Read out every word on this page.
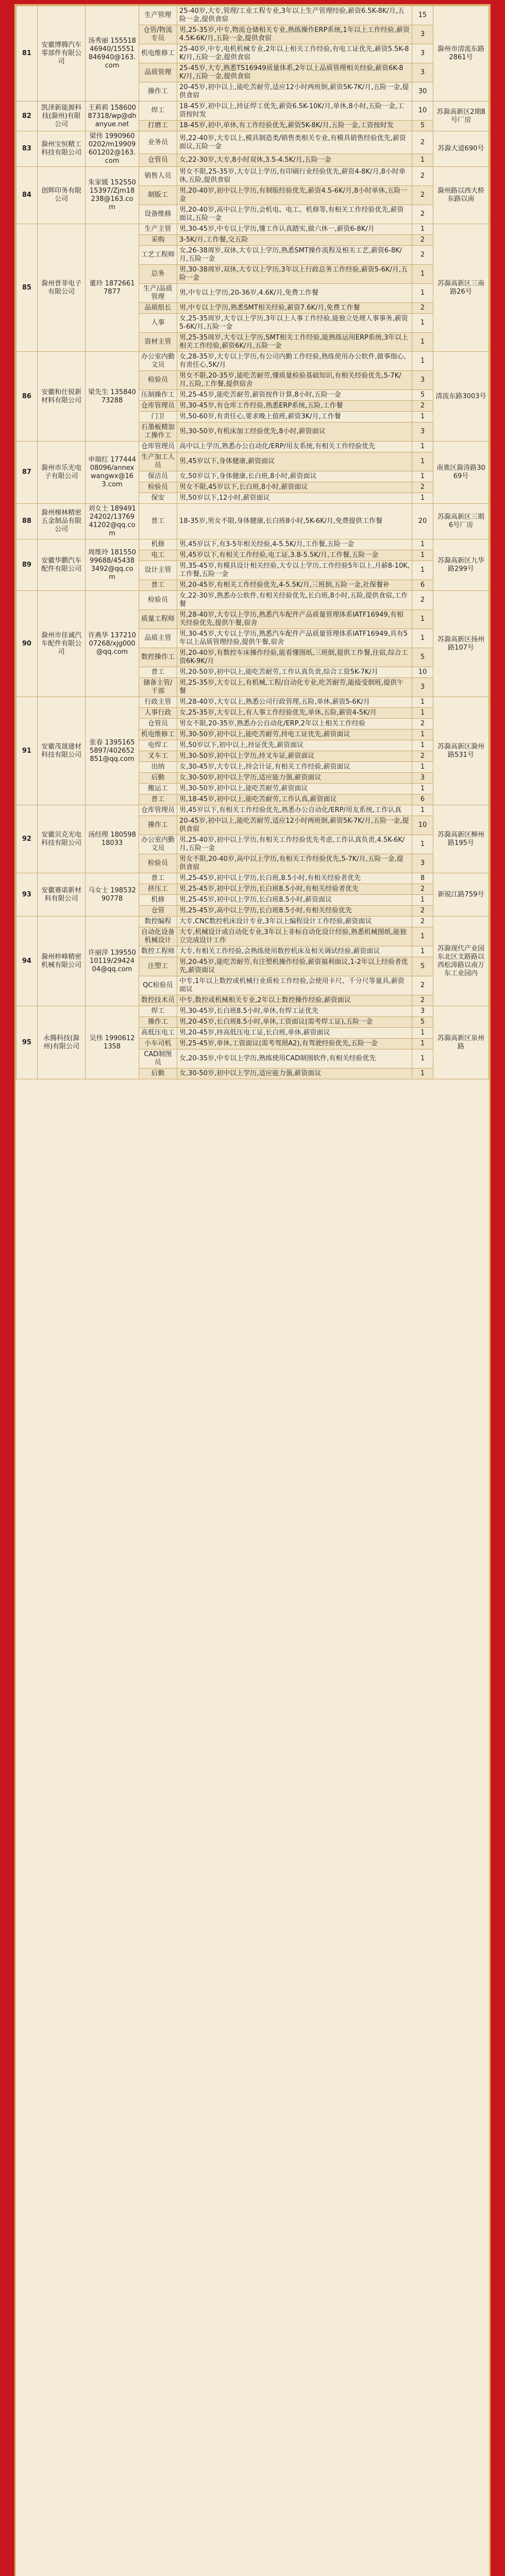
81	安徽博腾汽车零部件有限公司	汤秀丽 15551846940/15551846940@163.com	生产管理	25-40岁,大专,管理/工业工程专业,3年以上生产管理经验,薪资6.5K-8K/月,五险一金,提供食宿	15	滁州市清流东路2861号
			仓管/物流专员	男,25-35岁,中专,物流仓储相关专业,熟练操作ERP系统,1年以上工作经验,薪资4.5K-6K/月,五险一金,提供食宿	3	
			机电维修工	25-40岁,中专,电机机械专业,2年以上相关工作经验,有电工证优先,薪资5.5K-8K/月,五险一金,提供食宿	3	
			品质管理	25-45岁,大专,熟悉TS16949质量体系,2年以上品质管理相关经验,薪资6K-8K/月,五险一金,提供食宿	3	
			操作工	20-45岁,初中以上,能吃苦耐劳,适应12小时两班倒,薪资5K-7K/月,五险一金,提供食宿	30	
82	凯泽新能源科技(滁州)有限公司	王莉莉 15860087318/wp@dhanyue.net	焊工	18-45岁,初中以上,持证焊工优先,薪资6.5K-10K/月,单休,8小时,五险一金,工资按时发	10	苏滁高新区2期8号厂房
			打磨工	18-45岁,初中,单休,有工作经验优先,薪资5K-8K/月,五险一金,工资按时发	5	
83	滁州宝恒精工科技有限公司	梁伟 19909600202/m19909601202@163.com	业务员	男,22-40岁,大专以上,模具制造类/销售类相关专业,有模具销售经验优先,薪资面议,五险一金	2	苏滁大道690号
			仓管员	女,22-30岁,大专,8小时双休,3.5-4.5K/月,五险一金	1	
84	创辉印务有限公司	朱家媛 15255015397/Zjm18238@163.com	销售人员	男女不限,25-35岁,大专以上学历,有印刷行业经验优先,薪资4-8K/月,8小时单休,五险,提供食宿	2	滁州路以西大桥东路以南
			制版工	男,20-40岁,初中以上学历,有制版经验优先,薪资4.5-6K/月,8小时单休,五险一金	2	
			设备维修	男,20-40岁,高中以上学历,会机电、电工、机修等,有相关工作经验优先,薪资面议,五险一金	2	
85	滁州普菲电子有限公司	董玲 18726617877	生产主管	男,30-45岁,中专以上学历,懂工作认真踏实,做六休一,薪资6-8K/月	1	苏滁高新区三南路26号
			采购	3-5K/月,工作餐,交五险	2	
			工艺工程师	女,26-38周岁,双休,大专以上学历,熟悉SMT操作流程及相关工艺,薪资6-8K/月,五险一金	2	
			总务	男,30-38周岁,双休,大专以上学历,3年以上行政总务工作经验,薪资5-6K/月,五险一金	1	
			生产/品质管理	男,中专以上学历,20-36岁,4.6K/月,免费工作餐	1	
			品质组长	男,中专以上学历,熟悉SMT相关经验,薪资7.6K/月,免费工作餐	2	
			人事	女,25-35周岁,大专以上学历,3年以上人事工作经验,能独立处理人事事务,薪资5-6K/月,五险一金	1	
			资材主管	男,25-35周岁,大专以上学历,SMT相关工作经验,能熟练运用ERP系统,3年以上相关工作经验,薪资6K/月,五险一金	1	
86	安徽和仕锐新材料有限公司	梁先生 13584073288	办公室内勤文员	女,28-35岁,大专以上学历,有公司内勤工作经验,熟练使用办公软件,做事细心,有责任心,5K/月	1	清流东路3003号
			检验员	男女不限,20-35岁,能吃苦耐劳,懂质量检验基础知识,有相关经验优先,5-7K/月,五险,工作餐,提供宿舍	3	
			压制操作工	男,25-45岁,能吃苦耐劳,薪资按件计算,8小时,五险一金	5	
			仓库管理员	男,30-45岁,有仓库工作经验,熟悉ERP系统,五险,工作餐	2	
			门卫	男,50-60岁,有责任心,要求晚上值班,薪资3K/月,工作餐	1	
			石墨板精加工操作工	男,30-50岁,有机床加工经验优先,8小时,薪资面议	3	
87	滁州市乐光电子有限公司	申瑞红 17744408096/annexwangwx@163.com	仓库管理员	高中以上学历,熟悉办公自动化/ERP/用友系统,有相关工作经验优先	1	南谯区滁涛路3069号
			生产加工人员	男,45岁以下,身体健康,薪资面议	1	
			保洁员	女,50岁以下,身体健康,长白班,8小时,薪资面议	1	
			检验员	男女不限,45岁以下,长白班,8小时,薪资面议	2	
			保安	男,50岁以下,12小时,薪资面议	1	
88	滁州梯林精密五金制品有限公司	刘女士 18949124202/1376941202@qq.com	普工	18-35岁,男女不限,身体健康,长白班8小时,5K-6K/月,免费提供工作餐	20	苏滁高新区三期6号厂房
89	安徽华鹏汽车配件有限公司	周维玲 18155099688/454383492@qq.com	机修	男,45岁以下,有3-5年相关经验,4-5.5K/月,工作餐,五险一金	1	苏滁高新区九华路299号
			电工	男,45岁以下,有相关工作经验,电工证,3.8-5.5K/月,工作餐,五险一金	1	
			设计主管	男,35-45岁,有模具设计相关经验,大专以上学历,工作经验5年以上,月薪8-10K,工作餐,五险一金	1	
			普工	男,20-45岁,有相关工作经验优先,4-5.5K/月,三班倒,五险一金,社保餐补	6	
90	滁州市佳诚汽车配件有限公司	许燕华 13721007268/xjg000@qq.com	检验员	女,22-30岁,熟悉办公软件,有相关经验优先,长白班,8小时,五险,提供食宿,工作餐	2	苏滁高新区扬州路107号
			质量工程师	男,28-40岁,大专以上学历,熟悉汽车配件产品质量管理体系IATF16949,有相关经验优先,提供午餐,宿舍	1	
			品质主管	男,30-45岁,大专以上学历,熟悉汽车配件产品质量管理体系IATF16949,具有5年以上品质管理经验,提供午餐,宿舍	1	
			数控操作工	男,20-40岁,有数控车床操作经验,能看懂图纸,三班倒,提供工作餐,住宿,综合工资6K-9K/月	5	
			普工	男,20-50岁,初中以上,能吃苦耐劳,工作认真负责,综合工资5K-7K/月	10	
			储备主管/干部	男,25-35岁,大专以上,有机械,工程/自动化专业,吃苦耐劳,能接受倒班,提供午餐	3	
91	安徽茂晟建材科技有限公司	张春 13951655897/402652851@qq.com	行政主管	男,28-40岁,大专以上,熟悉公司行政管理,五险,单休,薪资5-6K/月	1	苏滁高新区滁州路531号
			人事行政	女,25-35岁,大专以上,有人事工作经验优先,单休,五险,薪资4-5K/月	1	
			仓管员	男女不限,20-35岁,熟悉办公自动化/ERP,2年以上相关工作经验	2	
			机电维修工	男,30-50岁,初中以上,能吃苦耐劳,持电工证优先,薪资面议	1	
			电焊工	男,50岁以下,初中以上,持证优先,薪资面议	1	
			叉车工	男,30-50岁,初中以上学历,持叉车证,薪资面议	2	
			出纳	女,30-45岁,大专以上,持会计证,有相关工作经验,薪资面议	1	
			后勤	女,30-50岁,初中以上学历,适应能力强,薪资面议	3	
			搬运工	男,30-50岁,初中以上,能吃苦耐劳,薪资面议	1	
			普工	男,18-45岁,初中以上,能吃苦耐劳,工作认真,薪资面议	6	
92	安徽贝克光电科技有限公司	汤经理 18059818033	仓库管理员	男,45岁以下,有相关工作经验优先,熟悉办公自动化/ERP/用友系统,工作认真	1	苏滁高新区柳州路195号
			操作工	20-45岁,初中以上,能吃苦耐劳,适应12小时两班倒,薪资5K-7K/月,五险一金,提供食宿	10	
			办公室内勤文员	男,25-40岁,初中以上学历,有相关工作经验优先考虑,工作认真负责,4.5K-6K/月,五险一金	1	
			检验员	男女不限,20-40岁,高中以上学历,有相关工作经验优先,5-7K/月,五险一金,提供食宿	3	
93	安徽赛诺新材料有限公司	马女士 19853290778	普工	男,25-45岁,初中以上学历,长白班,8.5小时,有相关经验者优先	8	新锐江路759号
			挤压工	男,25-45岁,初中以上学历,长白班8.5小时,有相关经验者优先	2	
			机修	男,25-45岁,初中以上学历,长白班8.5小时,薪资面议	1	
			仓管	男,25-45岁,高中以上学历,长白班8.5小时,有相关经验优先	2	
94	滁州梓峰精密机械有限公司	许丽萍 13955010119/2942404@qq.com	数控编程	大专,CNC数控机床设计专业,3年以上编程设计工作经验,薪资面议	2	苏滁现代产业园东北区支路路以西松涛路以南万东工业园内
			自动化设备机械设计	大专,机械设计或自动化专业,3年以上非标自动化设计经验,熟悉机械图纸,能独立完成设计工作	1	
			数控工程师	大专,有相关工作经验,会熟练使用数控机床及相关调试经验,薪资面议	1	
			注塑工	男,20-45岁,能吃苦耐劳,有注塑机操作经验,薪资福利面议,1-2年以上经验者优先,薪资面议	5	
			QC检验员	中专,1年以上数控或机械行业质检工作经验,会使用卡尺、千分尺等量具,薪资面议	2	
			数控技术员	中专,数控或机械相关专业,2年以上数控操作经验,薪资面议	2	
95	永腾科技(滁州)有限公司	吴伟 19906121358	焊工	男,30-45岁,长白班8.5小时,单休,有焊工证优先	3	苏滁高新区泉州路
			操作工	男,20-45岁,长白班8.5小时,单休,工资面议(需考焊工证),五险一金	5	
			高低压电工	男,20-45岁,持高低压电工证,长白班,单休,薪资面议	1	
			小车司机	男,25-45岁,单休,工资面议(需考驾照A2),有驾驶经验优先,五险一金	1	
			CAD制图员	女,20-35岁,中专以上学历,熟练使用CAD制图软件,有相关经验优先	1	
			后勤	女,30-50岁,初中以上学历,适应能力强,薪资面议	1	
